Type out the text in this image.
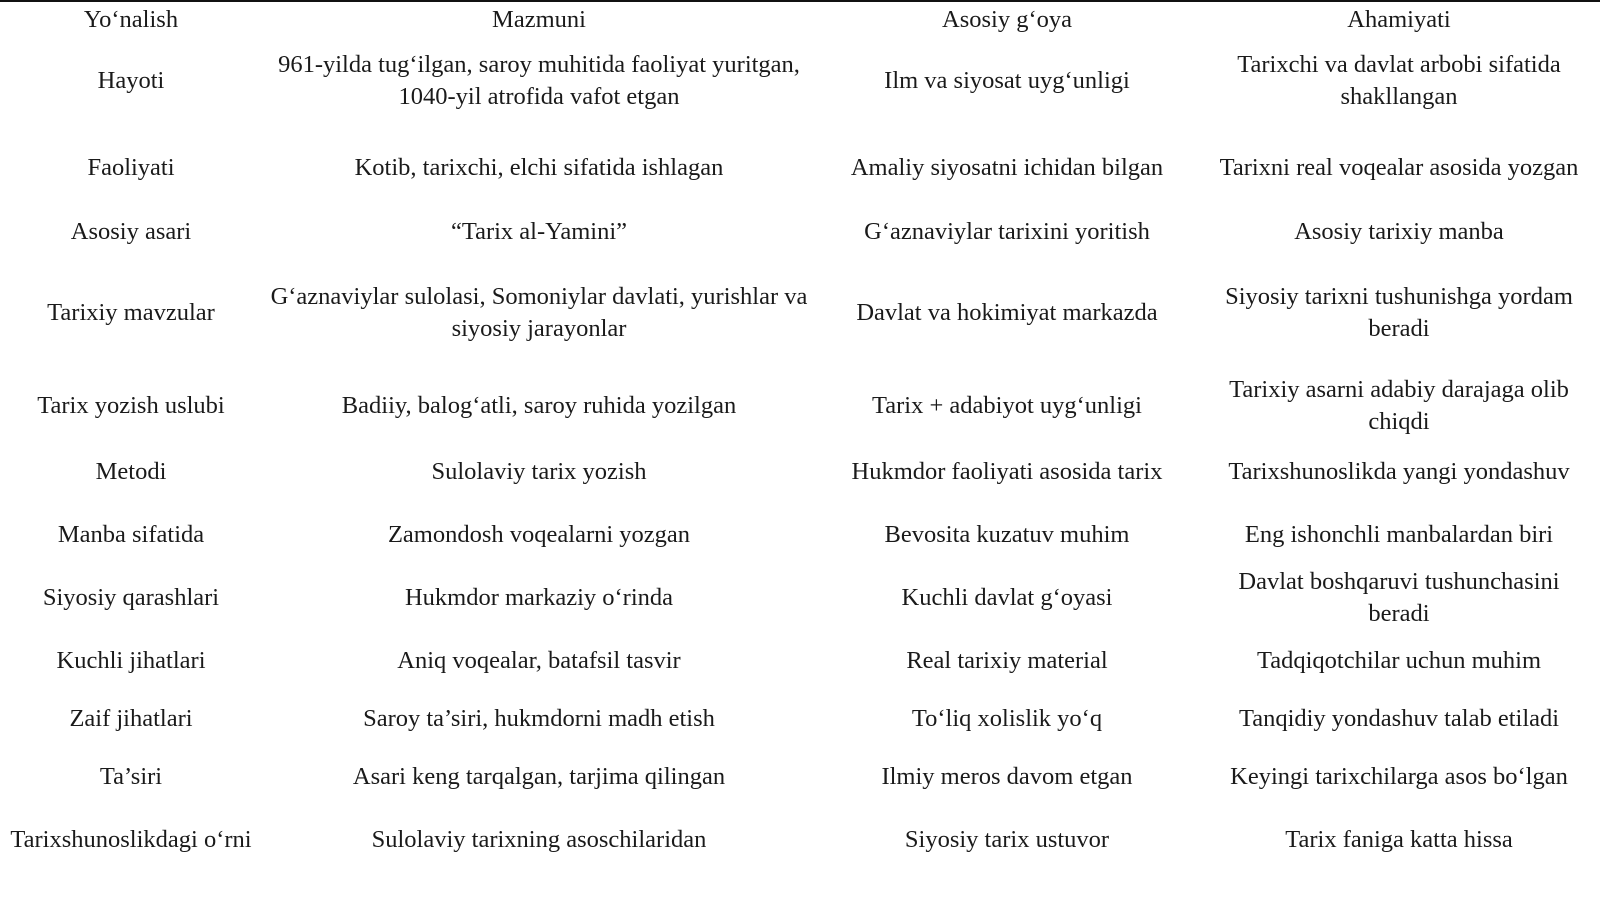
Yo‘nalish	Mazmuni	Asosiy g‘oya	Ahamiyati
Hayoti	961-yilda tug‘ilgan, saroy muhitida faoliyat yuritgan, 1040-yil atrofida vafot etgan	Ilm va siyosat uyg‘unligi	Tarixchi va davlat arbobi sifatida shakllangan
Faoliyati	Kotib, tarixchi, elchi sifatida ishlagan	Amaliy siyosatni ichidan bilgan	Tarixni real voqealar asosida yozgan
Asosiy asari	“Tarix al-Yamini”	G‘aznaviylar tarixini yoritish	Asosiy tarixiy manba
Tarixiy mavzular	G‘aznaviylar sulolasi, Somoniylar davlati, yurishlar va siyosiy jarayonlar	Davlat va hokimiyat markazda	Siyosiy tarixni tushunishga yordam beradi
Tarix yozish uslubi	Badiiy, balog‘atli, saroy ruhida yozilgan	Tarix + adabiyot uyg‘unligi	Tarixiy asarni adabiy darajaga olib chiqdi
Metodi	Sulolaviy tarix yozish	Hukmdor faoliyati asosida tarix	Tarixshunoslikda yangi yondashuv
Manba sifatida	Zamondosh voqealarni yozgan	Bevosita kuzatuv muhim	Eng ishonchli manbalardan biri
Siyosiy qarashlari	Hukmdor markaziy o‘rinda	Kuchli davlat g‘oyasi	Davlat boshqaruvi tushunchasini beradi
Kuchli jihatlari	Aniq voqealar, batafsil tasvir	Real tarixiy material	Tadqiqotchilar uchun muhim
Zaif jihatlari	Saroy ta’siri, hukmdorni madh etish	To‘liq xolislik yo‘q	Tanqidiy yondashuv talab etiladi
Ta’siri	Asari keng tarqalgan, tarjima qilingan	Ilmiy meros davom etgan	Keyingi tarixchilarga asos bo‘lgan
Tarixshunoslikdagi o‘rni	Sulolaviy tarixning asoschilaridan	Siyosiy tarix ustuvor	Tarix faniga katta hissa
